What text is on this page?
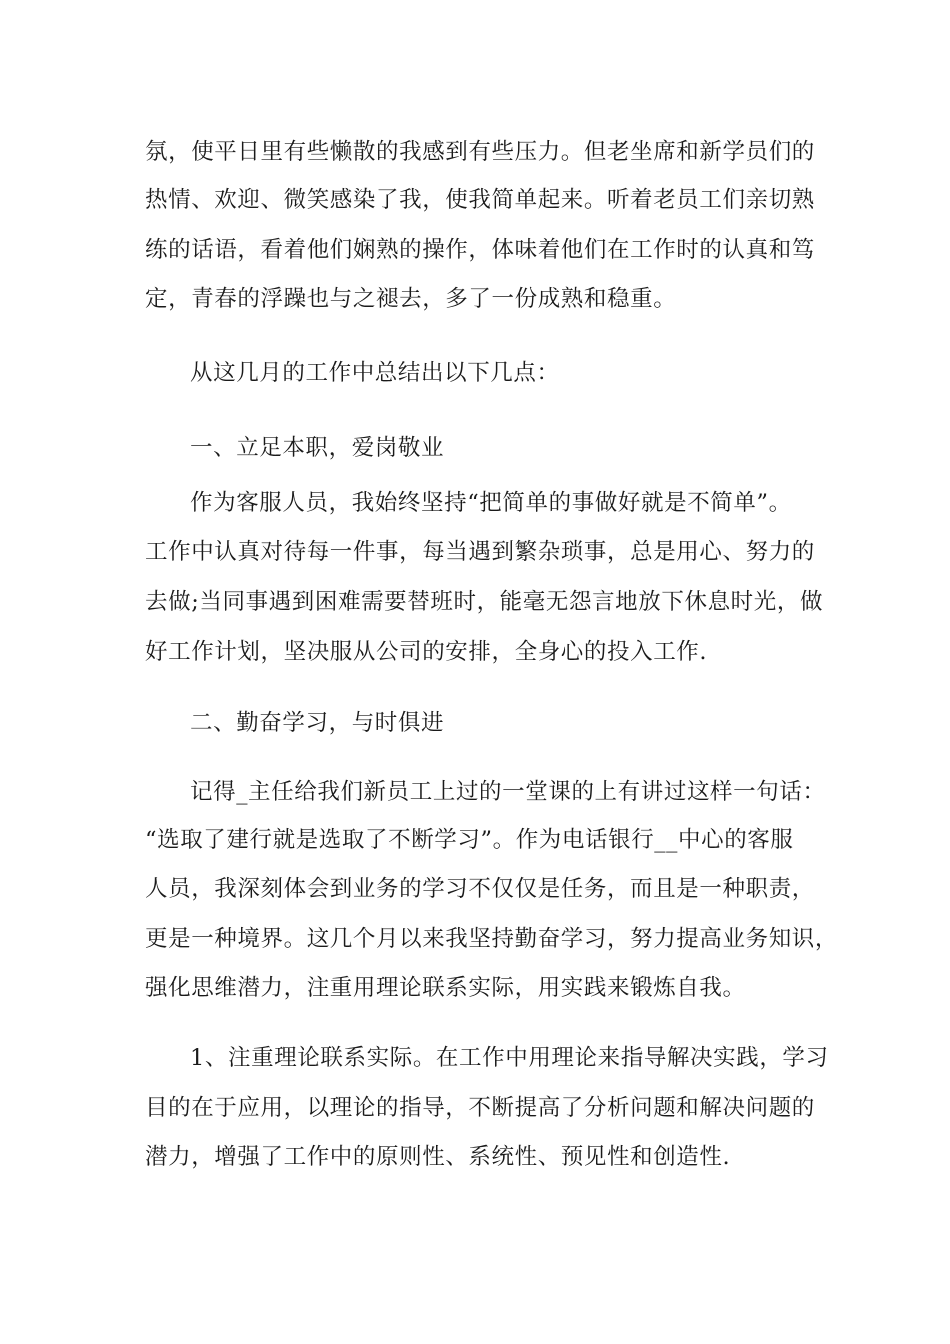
氛，使平日里有些懒散的我感到有些压力。但老坐席和新学员们的
热情、欢迎、微笑感染了我，使我简单起来。听着老员工们亲切熟
练的话语，看着他们娴熟的操作，体味着他们在工作时的认真和笃
定，青春的浮躁也与之褪去，多了一份成熟和稳重。
从这几月的工作中总结出以下几点：
一、立足本职，爱岗敬业
作为客服人员，我始终坚持“把简单的事做好就是不简单”。
工作中认真对待每一件事，每当遇到繁杂琐事，总是用心、努力的
去做;当同事遇到困难需要替班时，能毫无怨言地放下休息时光，做
好工作计划，坚决服从公司的安排，全身心的投入工作.
二、勤奋学习，与时俱进
记得_主任给我们新员工上过的一堂课的上有讲过这样一句话：
“选取了建行就是选取了不断学习”。作为电话银行__中心的客服
人员，我深刻体会到业务的学习不仅仅是任务，而且是一种职责，
更是一种境界。这几个月以来我坚持勤奋学习，努力提高业务知识，
强化思维潜力，注重用理论联系实际，用实践来锻炼自我。
1、注重理论联系实际。在工作中用理论来指导解决实践，学习
目的在于应用，以理论的指导，不断提高了分析问题和解决问题的
潜力，增强了工作中的原则性、系统性、预见性和创造性.
